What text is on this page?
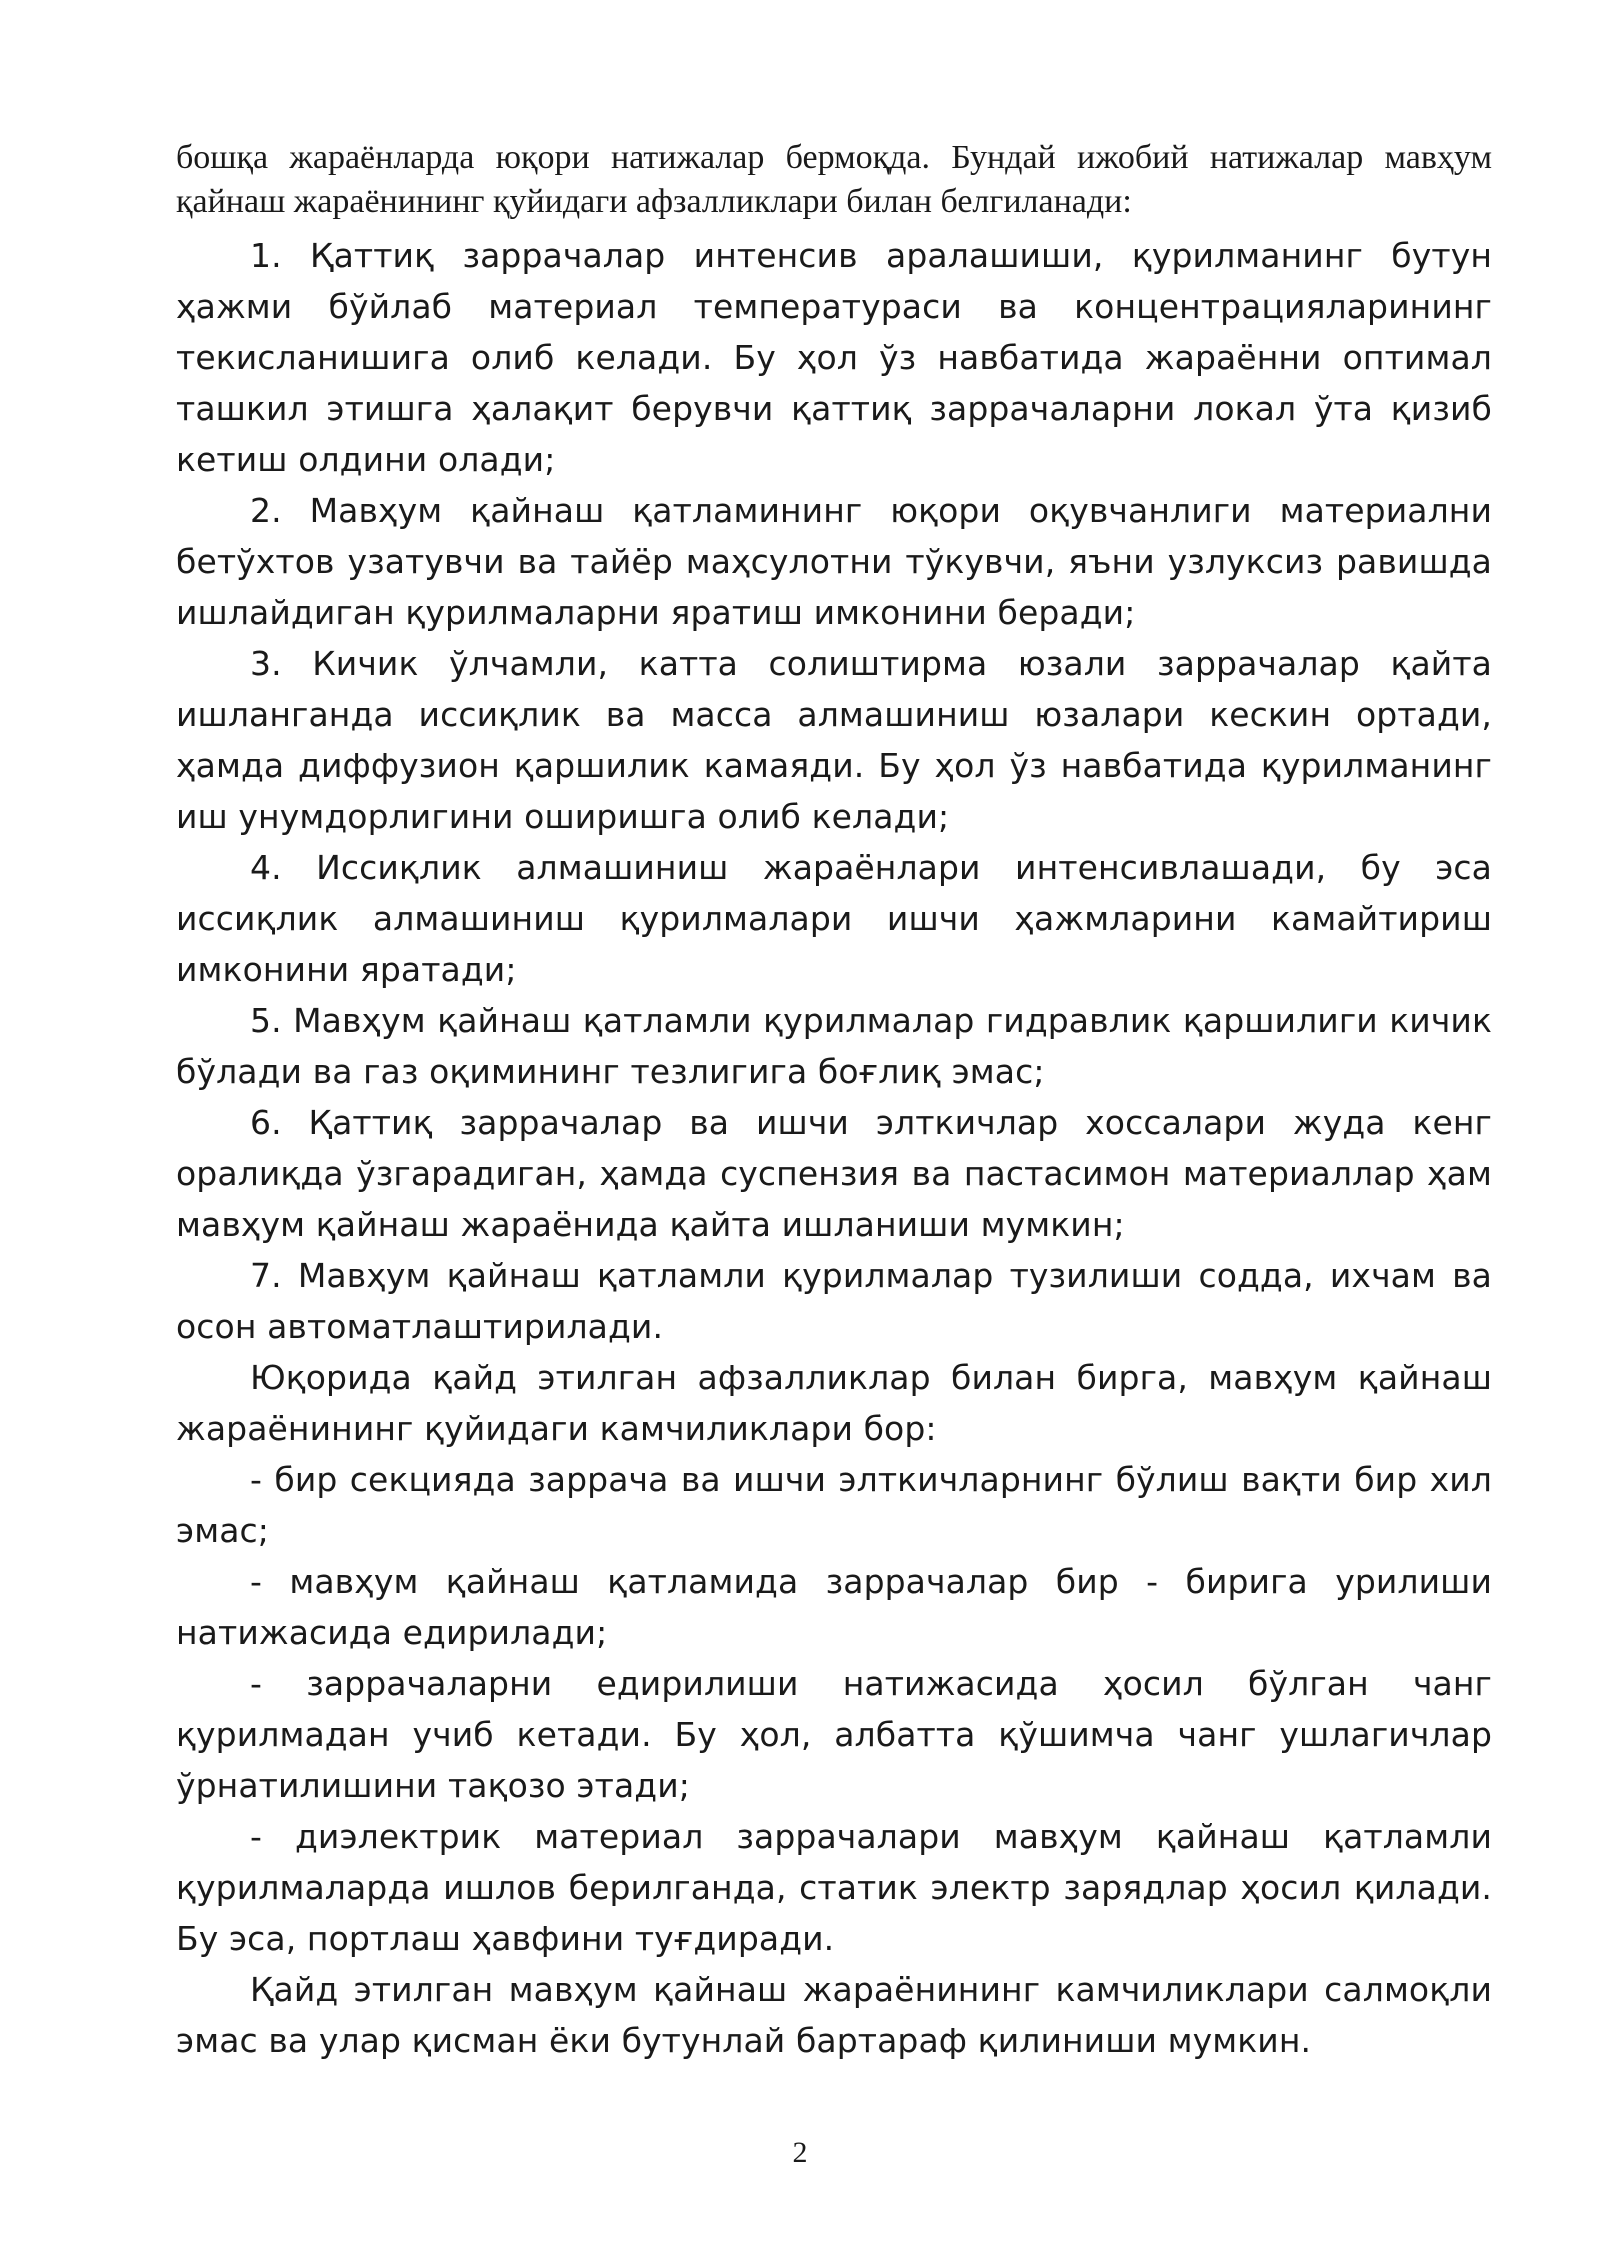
бошқа жараёнларда юқори натижалар бермоқда. Бундай ижобий натижалар мавҳум қайнаш жараёнининг қуйидаги афзалликлари билан белгиланади:

1. Қаттиқ заррачалар интенсив аралашиши, қурилманинг бутун ҳажми бўйлаб материал температураси ва концентрацияларининг текисланишига олиб келади. Бу ҳол ўз навбатида жараённи оптимал ташкил этишга ҳалақит берувчи қаттиқ заррачаларни локал ўта қизиб кетиш олдини олади;

2. Мавҳум қайнаш қатламининг юқори оқувчанлиги материални бетўхтов узатувчи ва тайёр маҳсулотни тўкувчи, яъни узлуксиз равишда ишлайдиган қурилмаларни яратиш имконини беради;

3. Кичик ўлчамли, катта солиштирма юзали заррачалар қайта ишланганда иссиқлик ва масса алмашиниш юзалари кескин ортади, ҳамда диффузион қаршилик камаяди. Бу ҳол ўз навбатида қурилманинг иш унумдорлигини оширишга олиб келади;

4. Иссиқлик алмашиниш жараёнлари интенсивлашади, бу эса иссиқлик алмашиниш қурилмалари ишчи ҳажмларини камайтириш имконини яратади;

5. Мавҳум қайнаш қатламли қурилмалар гидравлик қаршилиги кичик бўлади ва газ оқимининг тезлигига боғлиқ эмас;

6. Қаттиқ заррачалар ва ишчи элткичлар хоссалари жуда кенг оралиқда ўзгарадиган, ҳамда суспензия ва пастасимон материаллар ҳам мавҳум қайнаш жараёнида қайта ишланиши мумкин;

7. Мавҳум қайнаш қатламли қурилмалар тузилиши содда, ихчам ва осон автоматлаштирилади.

Юқорида қайд этилган афзалликлар билан бирга, мавҳум қайнаш жараёнининг қуйидаги камчиликлари бор:

- бир секцияда заррача ва ишчи элткичларнинг бўлиш вақти бир хил эмас;

- мавҳум қайнаш қатламида заррачалар бир - бирига урилиши натижасида едирилади;

- заррачаларни едирилиши натижасида ҳосил бўлган чанг қурилмадан учиб кетади. Бу ҳол, албатта қўшимча чанг ушлагичлар ўрнатилишини тақозо этади;

- диэлектрик материал заррачалари мавҳум қайнаш қатламли қурилмаларда ишлов берилганда, статик электр зарядлар ҳосил қилади. Бу эса, портлаш ҳавфини туғдиради.

Қайд этилган мавҳум қайнаш жараёнининг камчиликлари салмоқли эмас ва улар қисман ёки бутунлай бартараф қилиниши мумкин.

2
